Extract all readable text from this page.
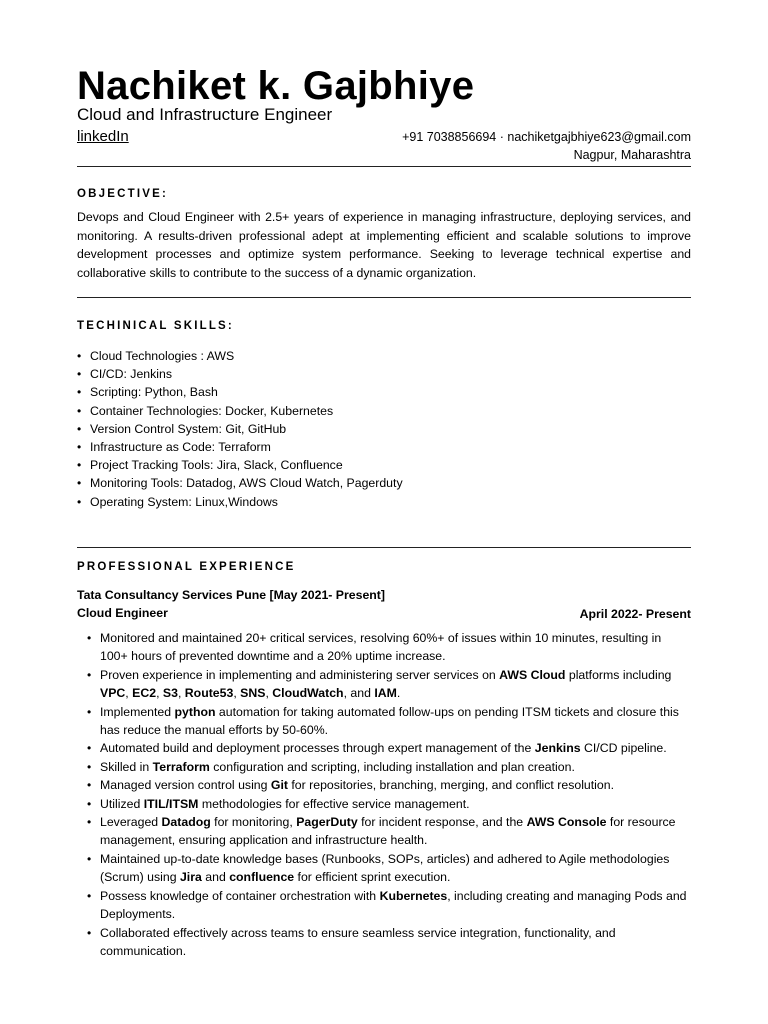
Nachiket k. Gajbhiye
Cloud and Infrastructure Engineer
linkedIn	+91 7038856694 · nachiketgajbhiye623@gmail.com
Nagpur, Maharashtra
OBJECTIVE:
Devops and Cloud Engineer with 2.5+ years of experience in managing infrastructure, deploying services, and monitoring. A results-driven professional adept at implementing efficient and scalable solutions to improve development processes and optimize system performance. Seeking to leverage technical expertise and collaborative skills to contribute to the success of a dynamic organization.
TECHINICAL SKILLS:
• Cloud Technologies : AWS
• CI/CD: Jenkins
• Scripting: Python, Bash
• Container Technologies: Docker, Kubernetes
• Version Control System: Git, GitHub
• Infrastructure as Code: Terraform
• Project Tracking Tools: Jira, Slack, Confluence
• Monitoring Tools: Datadog, AWS Cloud Watch, Pagerduty
• Operating System: Linux,Windows
PROFESSIONAL EXPERIENCE
Tata Consultancy Services Pune [May 2021- Present]
Cloud Engineer	April 2022- Present
• Monitored and maintained 20+ critical services, resolving 60%+ of issues within 10 minutes, resulting in 100+ hours of prevented downtime and a 20% uptime increase.
• Proven experience in implementing and administering server services on AWS Cloud platforms including VPC, EC2, S3, Route53, SNS, CloudWatch, and IAM.
• Implemented python automation for taking automated follow-ups on pending ITSM tickets and closure this has reduce the manual efforts by 50-60%.
• Automated build and deployment processes through expert management of the Jenkins CI/CD pipeline.
• Skilled in Terraform configuration and scripting, including installation and plan creation.
• Managed version control using Git for repositories, branching, merging, and conflict resolution.
• Utilized ITIL/ITSM methodologies for effective service management.
• Leveraged Datadog for monitoring, PagerDuty for incident response, and the AWS Console for resource management, ensuring application and infrastructure health.
• Maintained up-to-date knowledge bases (Runbooks, SOPs, articles) and adhered to Agile methodologies (Scrum) using Jira and confluence for efficient sprint execution.
• Possess knowledge of container orchestration with Kubernetes, including creating and managing Pods and Deployments.
• Collaborated effectively across teams to ensure seamless service integration, functionality, and communication.
